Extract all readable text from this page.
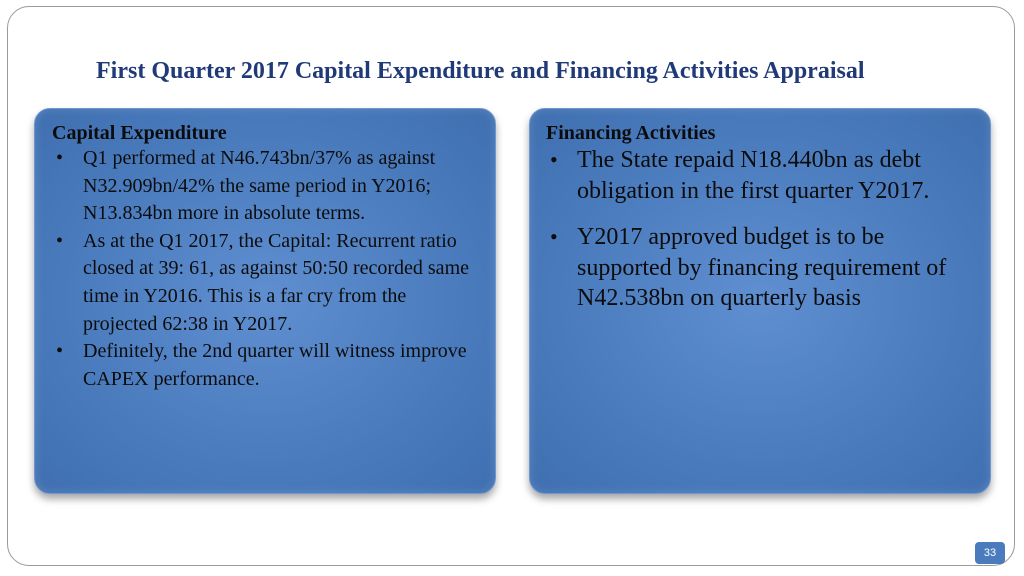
First Quarter 2017 Capital Expenditure and Financing Activities Appraisal

Capital Expenditure

• Q1 performed at N46.743bn/37% as against N32.909bn/42% the same period in Y2016; N13.834bn more in absolute terms.
• As at the Q1 2017, the Capital: Recurrent ratio closed at 39: 61, as against 50:50 recorded same time in Y2016. This is a far cry from the projected 62:38 in Y2017.
• Definitely, the 2nd quarter will witness improve CAPEX performance.

Financing Activities

• The State repaid N18.440bn as debt obligation in the first quarter Y2017.
• Y2017 approved budget is to be supported by financing requirement of N42.538bn on quarterly basis
33
